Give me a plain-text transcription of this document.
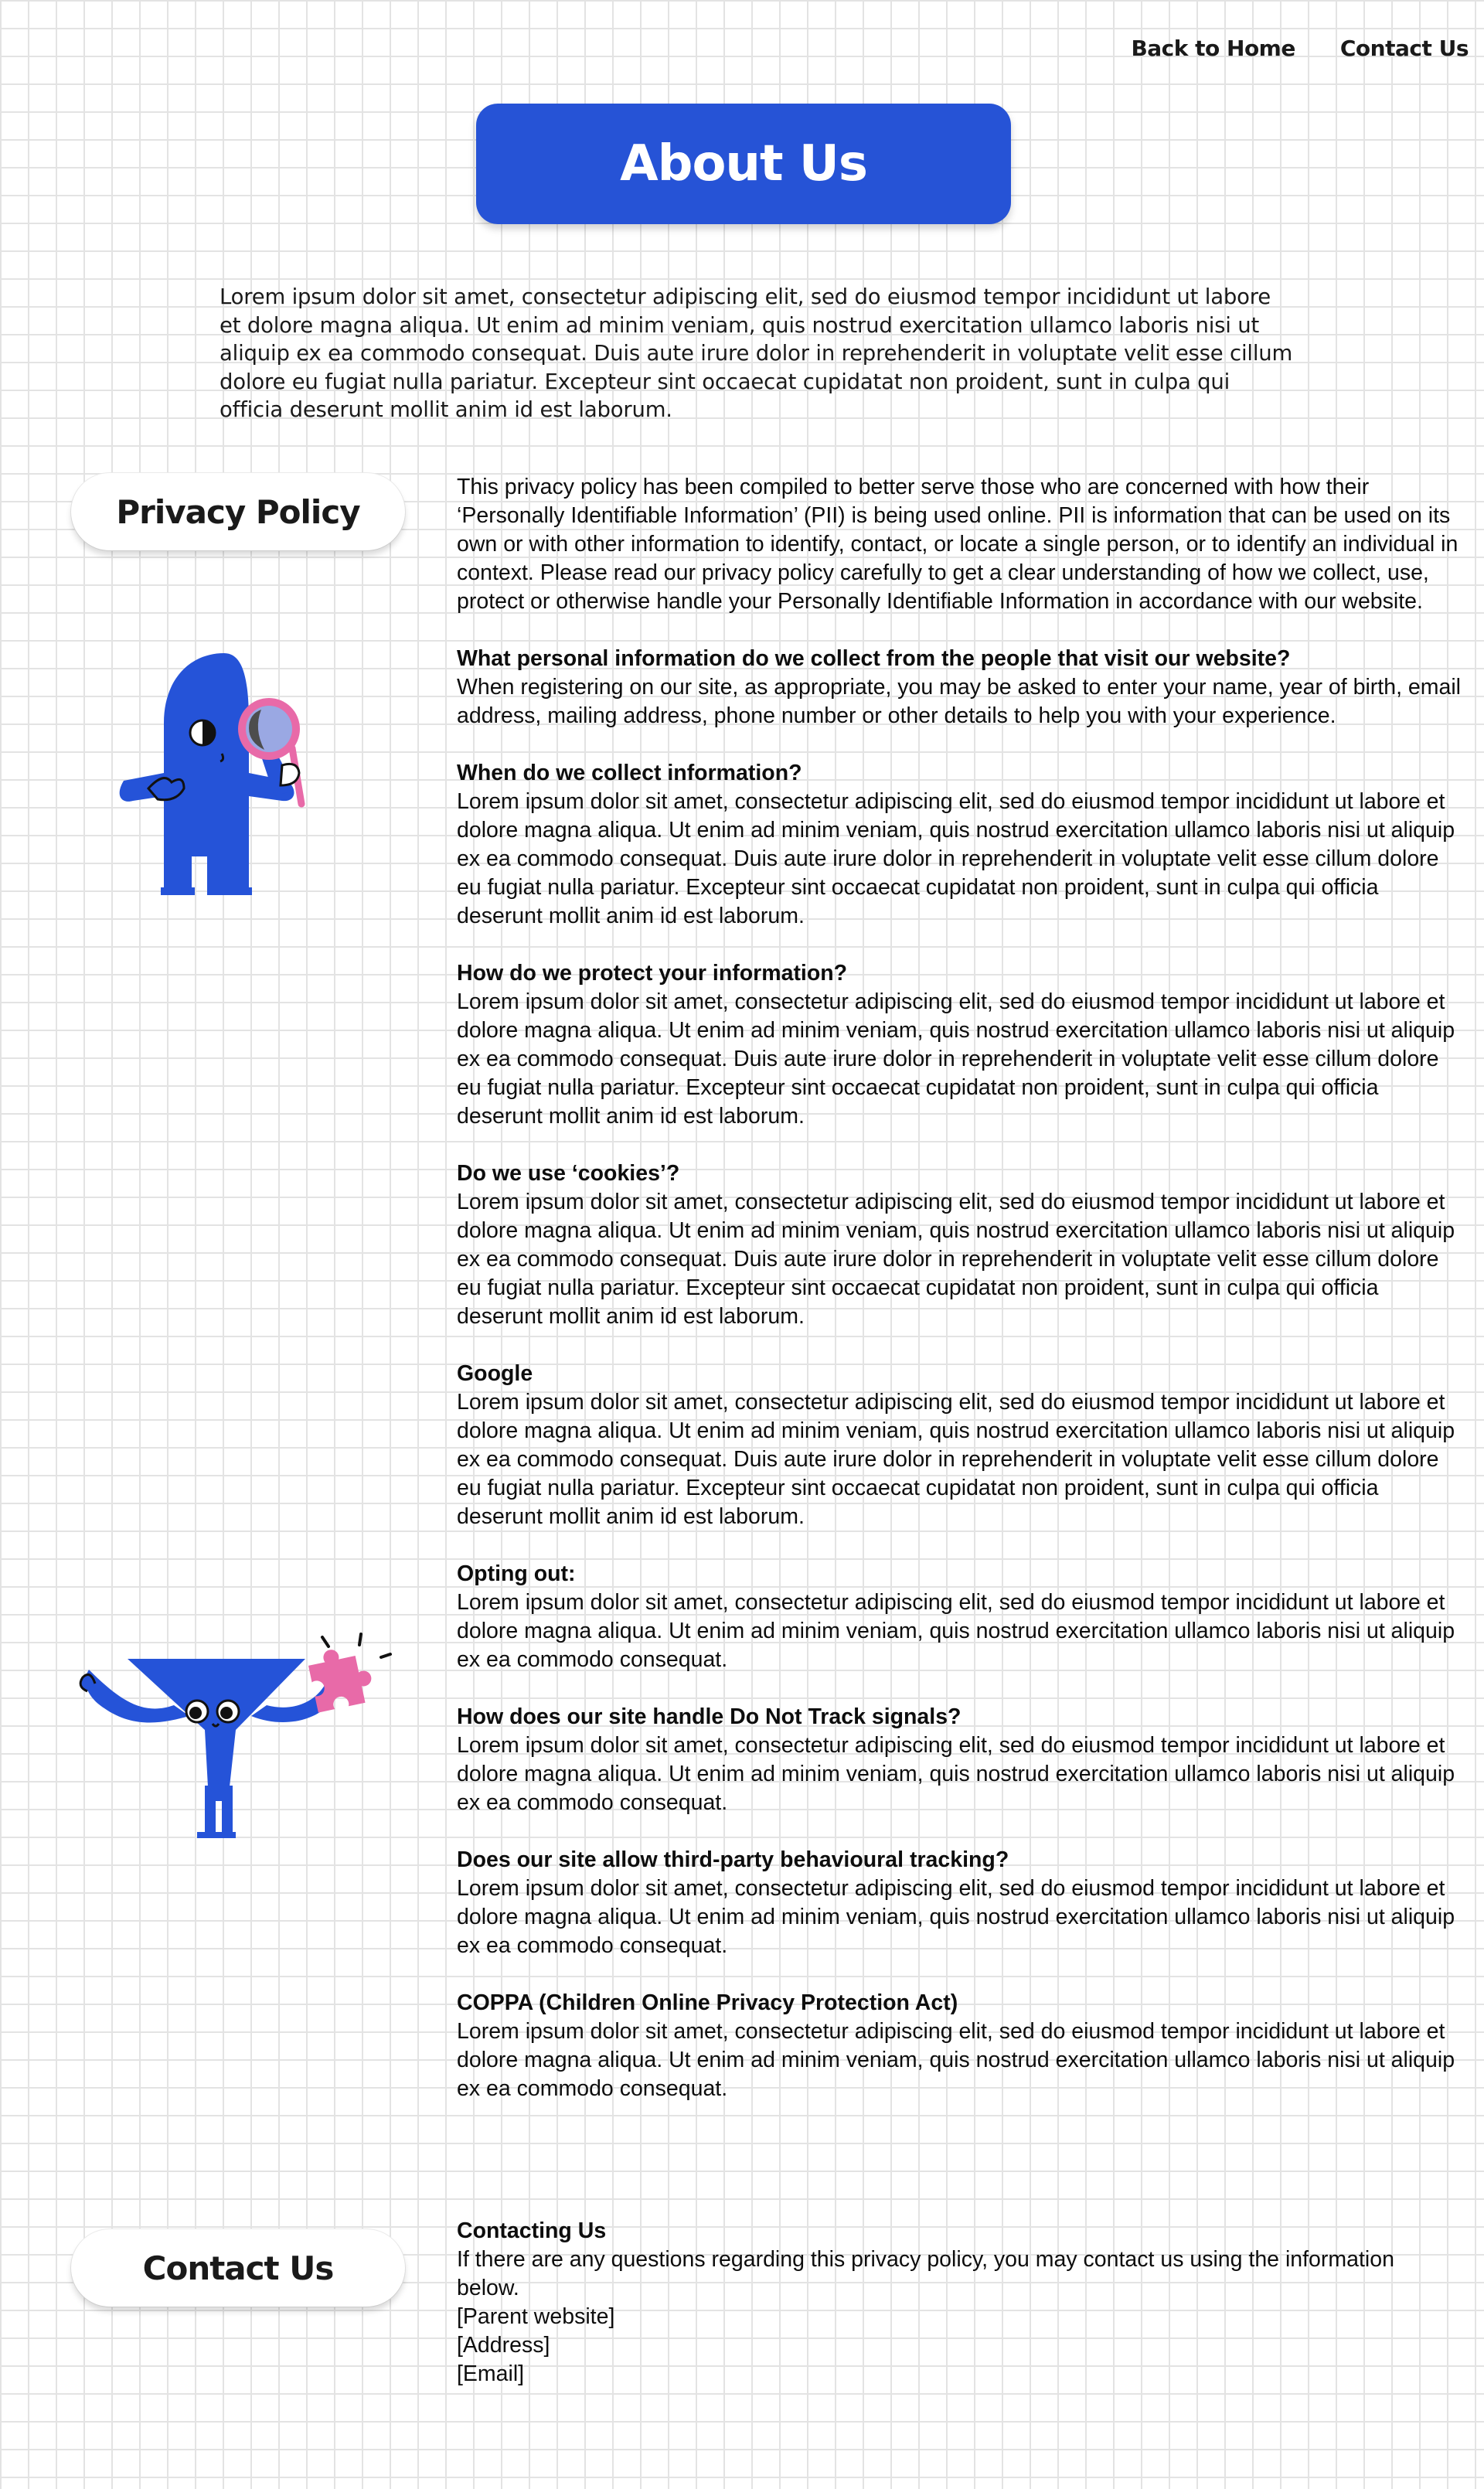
Back to Home Contact Us
About Us

Lorem ipsum dolor sit amet, consectetur adipiscing elit, sed do eiusmod tempor incididunt ut labore et dolore magna aliqua. Ut enim ad minim veniam, quis nostrud exercitation ullamco laboris nisi ut aliquip ex ea commodo consequat. Duis aute irure dolor in reprehenderit in voluptate velit esse cillum dolore eu fugiat nulla pariatur. Excepteur sint occaecat cupidatat non proident, sunt in culpa qui officia deserunt mollit anim id est laborum.

Privacy Policy

This privacy policy has been compiled to better serve those who are concerned with how their ‘Personally Identifiable Information’ (PII) is being used online. PII is information that can be used on its own or with other information to identify, contact, or locate a single person, or to identify an individual in context. Please read our privacy policy carefully to get a clear understanding of how we collect, use, protect or otherwise handle your Personally Identifiable Information in accordance with our website.

What personal information do we collect from the people that visit our website?

When registering on our site, as appropriate, you may be asked to enter your name, year of birth, email address, mailing address, phone number or other details to help you with your experience.

When do we collect information?

Lorem ipsum dolor sit amet, consectetur adipiscing elit, sed do eiusmod tempor incididunt ut labore et dolore magna aliqua. Ut enim ad minim veniam, quis nostrud exercitation ullamco laboris nisi ut aliquip ex ea commodo consequat. Duis aute irure dolor in reprehenderit in voluptate velit esse cillum dolore eu fugiat nulla pariatur. Excepteur sint occaecat cupidatat non proident, sunt in culpa qui officia deserunt mollit anim id est laborum.

How do we protect your information?

Lorem ipsum dolor sit amet, consectetur adipiscing elit, sed do eiusmod tempor incididunt ut labore et dolore magna aliqua. Ut enim ad minim veniam, quis nostrud exercitation ullamco laboris nisi ut aliquip ex ea commodo consequat. Duis aute irure dolor in reprehenderit in voluptate velit esse cillum dolore eu fugiat nulla pariatur. Excepteur sint occaecat cupidatat non proident, sunt in culpa qui officia deserunt mollit anim id est laborum.

Do we use ‘cookies’?

Lorem ipsum dolor sit amet, consectetur adipiscing elit, sed do eiusmod tempor incididunt ut labore et dolore magna aliqua. Ut enim ad minim veniam, quis nostrud exercitation ullamco laboris nisi ut aliquip ex ea commodo consequat. Duis aute irure dolor in reprehenderit in voluptate velit esse cillum dolore eu fugiat nulla pariatur. Excepteur sint occaecat cupidatat non proident, sunt in culpa qui officia deserunt mollit anim id est laborum.

Google

Lorem ipsum dolor sit amet, consectetur adipiscing elit, sed do eiusmod tempor incididunt ut labore et dolore magna aliqua. Ut enim ad minim veniam, quis nostrud exercitation ullamco laboris nisi ut aliquip ex ea commodo consequat. Duis aute irure dolor in reprehenderit in voluptate velit esse cillum dolore eu fugiat nulla pariatur. Excepteur sint occaecat cupidatat non proident, sunt in culpa qui officia deserunt mollit anim id est laborum.

Opting out:

Lorem ipsum dolor sit amet, consectetur adipiscing elit, sed do eiusmod tempor incididunt ut labore et dolore magna aliqua. Ut enim ad minim veniam, quis nostrud exercitation ullamco laboris nisi ut aliquip ex ea commodo consequat.

How does our site handle Do Not Track signals?

Lorem ipsum dolor sit amet, consectetur adipiscing elit, sed do eiusmod tempor incididunt ut labore et dolore magna aliqua. Ut enim ad minim veniam, quis nostrud exercitation ullamco laboris nisi ut aliquip ex ea commodo consequat.

Does our site allow third-party behavioural tracking?

Lorem ipsum dolor sit amet, consectetur adipiscing elit, sed do eiusmod tempor incididunt ut labore et dolore magna aliqua. Ut enim ad minim veniam, quis nostrud exercitation ullamco laboris nisi ut aliquip ex ea commodo consequat.

COPPA (Children Online Privacy Protection Act)

Lorem ipsum dolor sit amet, consectetur adipiscing elit, sed do eiusmod tempor incididunt ut labore et dolore magna aliqua. Ut enim ad minim veniam, quis nostrud exercitation ullamco laboris nisi ut aliquip ex ea commodo consequat.

Contact Us

Contacting Us

If there are any questions regarding this privacy policy, you may contact us using the information below.

[Parent website]

[Address]

[Email]
